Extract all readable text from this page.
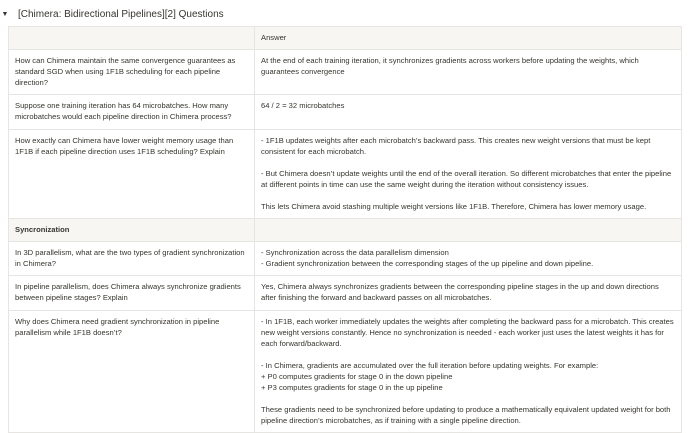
▼ [Chimera: Bidirectional Pipelines][2] Questions
	Answer
How can Chimera maintain the same convergence guarantees as standard SGD when using 1F1B scheduling for each pipeline direction?	At the end of each training iteration, it synchronizes gradients across workers before updating the weights, which guarantees convergence

Suppose one training iteration has 64 microbatches. How many microbatches would each pipeline direction in Chimera process?	64 / 2 = 32 microbatches

How exactly can Chimera have lower weight memory usage than 1F1B if each pipeline direction uses 1F1B scheduling? Explain	- 1F1B updates weights after each microbatch’s backward pass. This creates new weight versions that must be kept consistent for each microbatch.

- But Chimera doesn’t update weights until the end of the overall iteration. So different microbatches that enter the pipeline at different points in time can use the same weight during the iteration without consistency issues.

This lets Chimera avoid stashing multiple weight versions like 1F1B. Therefore, Chimera has lower memory usage.

Syncronization	
In 3D parallelism, what are the two types of gradient synchronization in Chimera?	- Synchronization across the data parallelism dimension
- Gradient synchronization between the corresponding stages of the up pipeline and down pipeline.

In pipeline parallelism, does Chimera always synchronize gradients between pipeline stages? Explain	Yes, Chimera always synchronizes gradients between the corresponding pipeline stages in the up and down directions after finishing the forward and backward passes on all microbatches.

Why does Chimera need gradient synchronization in pipeline parallelism while 1F1B doesn’t?	- In 1F1B, each worker immediately updates the weights after completing the backward pass for a microbatch. This creates new weight versions constantly. Hence no synchronization is needed - each worker just uses the latest weights it has for each forward/backward.

- In Chimera, gradients are accumulated over the full iteration before updating weights. For example:
+ P0 computes gradients for stage 0 in the down pipeline
+ P3 computes gradients for stage 0 in the up pipeline

These gradients need to be synchronized before updating to produce a mathematically equivalent updated weight for both pipeline direction’s microbatches, as if training with a single pipeline direction.
